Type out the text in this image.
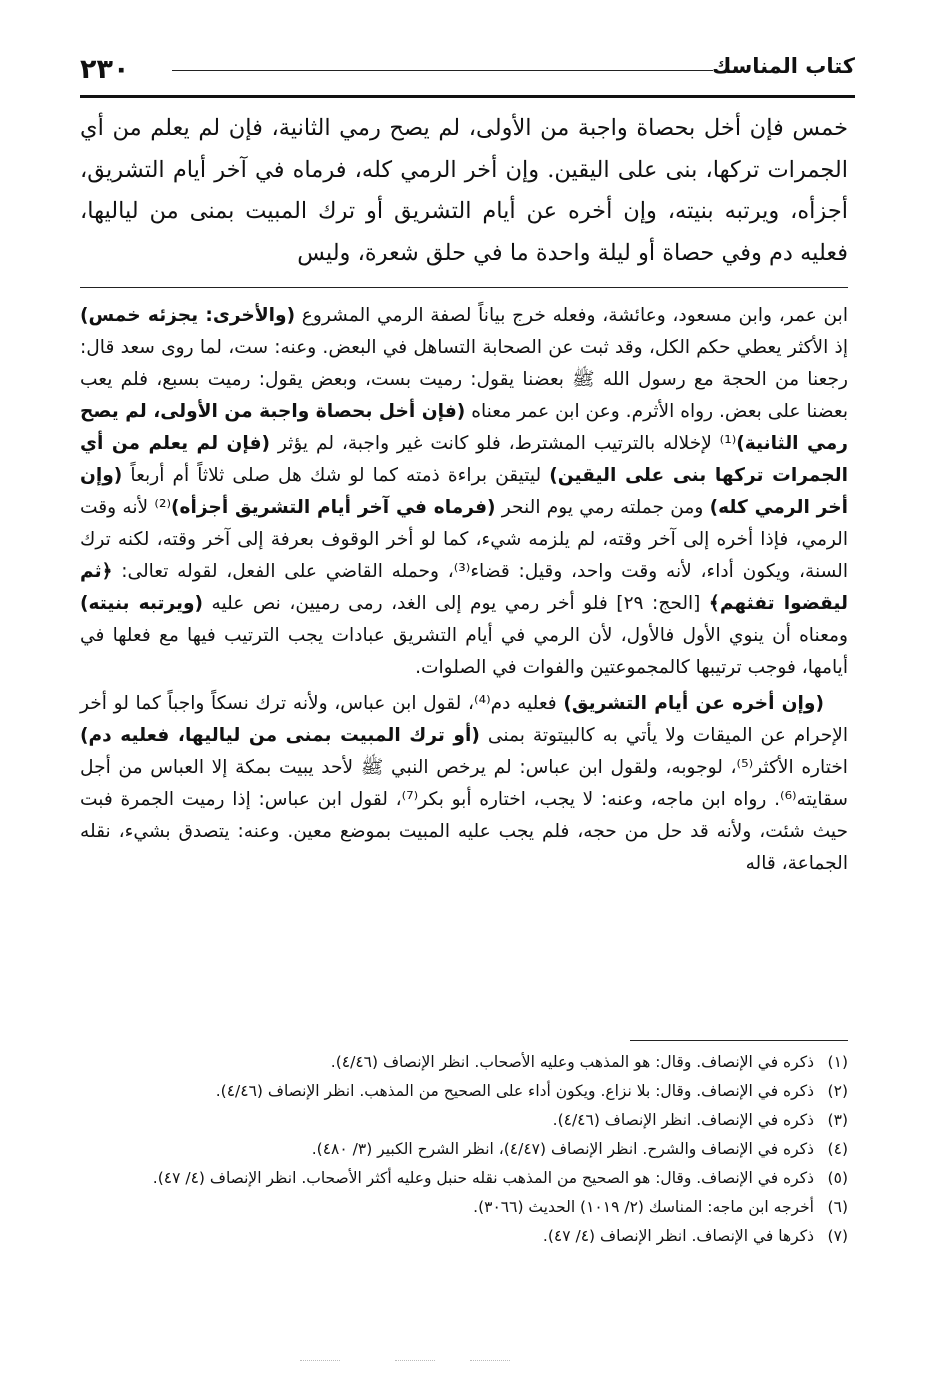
٢٣٠	كتاب المناسك

خمس فإن أخل بحصاة واجبة من الأولى، لم يصح رمي الثانية، فإن لم يعلم من أي الجمرات تركها، بنى على اليقين. وإن أخر الرمي كله، فرماه في آخر أيام التشريق، أجزأه، ويرتبه بنيته، وإن أخره عن أيام التشريق أو ترك المبيت بمنى من لياليها، فعليه دم وفي حصاة أو ليلة واحدة ما في حلق شعرة، وليس

ابن عمر، وابن مسعود، وعائشة، وفعله خرج بياناً لصفة الرمي المشروع (والأخرى: يجزئه خمس) إذ الأكثر يعطي حكم الكل، وقد ثبت عن الصحابة التساهل في البعض. وعنه: ست، لما روى سعد قال: رجعنا من الحجة مع رسول الله ﷺ بعضنا يقول: رميت بست، وبعض يقول: رميت بسبع، فلم يعب بعضنا على بعض. رواه الأثرم. وعن ابن عمر معناه (فإن أخل بحصاة واجبة من الأولى، لم يصح رمي الثانية)⁽¹⁾ لإخلاله بالترتيب المشترط، فلو كانت غير واجبة، لم يؤثر (فإن لم يعلم من أي الجمرات تركها بنى على اليقين) ليتيقن براءة ذمته كما لو شك هل صلى ثلاثاً أم أربعاً (وإن أخر الرمي كله) ومن جملته رمي يوم النحر (فرماه في آخر أيام التشريق أجزأه)⁽²⁾ لأنه وقت الرمي، فإذا أخره إلى آخر وقته، لم يلزمه شيء، كما لو أخر الوقوف بعرفة إلى آخر وقته، لكنه ترك السنة، ويكون أداء، لأنه وقت واحد، وقيل: قضاء⁽³⁾، وحمله القاضي على الفعل، لقوله تعالى: ﴿ثم ليقضوا تفثهم﴾ [الحج: ٢٩] فلو أخر رمي يوم إلى الغد، رمى رميين، نص عليه (ويرتبه بنيته) ومعناه أن ينوي الأول فالأول، لأن الرمي في أيام التشريق عبادات يجب الترتيب فيها مع فعلها في أيامها، فوجب ترتيبها كالمجموعتين والفوات في الصلوات.

(وإن أخره عن أيام التشريق) فعليه دم⁽⁴⁾، لقول ابن عباس، ولأنه ترك نسكاً واجباً كما لو أخر الإحرام عن الميقات ولا يأتي به كالبيتوتة بمنى (أو ترك المبيت بمنى من لياليها، فعليه دم) اختاره الأكثر⁽⁵⁾، لوجوبه، ولقول ابن عباس: لم يرخص النبي ﷺ لأحد يبيت بمكة إلا العباس من أجل سقايته⁽⁶⁾. رواه ابن ماجه، وعنه: لا يجب، اختاره أبو بكر⁽⁷⁾، لقول ابن عباس: إذا رميت الجمرة فبت حيث شئت، ولأنه قد حل من حجه، فلم يجب عليه المبيت بموضع معين. وعنه: يتصدق بشيء، نقله الجماعة، قاله

(١)
ذكره في الإنصاف. وقال: هو المذهب وعليه الأصحاب. انظر الإنصاف (٤/٤٦).
(٢)
ذكره في الإنصاف. وقال: بلا نزاع. ويكون أداء على الصحيح من المذهب. انظر الإنصاف (٤/٤٦).
(٣)
ذكره في الإنصاف. انظر الإنصاف (٤/٤٦).
(٤)
ذكره في الإنصاف والشرح. انظر الإنصاف (٤/٤٧)، انظر الشرح الكبير (٣/ ٤٨٠).
(٥)
ذكره في الإنصاف. وقال: هو الصحيح من المذهب نقله حنبل وعليه أكثر الأصحاب. انظر الإنصاف (٤/ ٤٧).
(٦)
أخرجه ابن ماجه: المناسك (٢/ ١٠١٩) الحديث (٣٠٦٦).
(٧)
ذكرها في الإنصاف. انظر الإنصاف (٤/ ٤٧).
